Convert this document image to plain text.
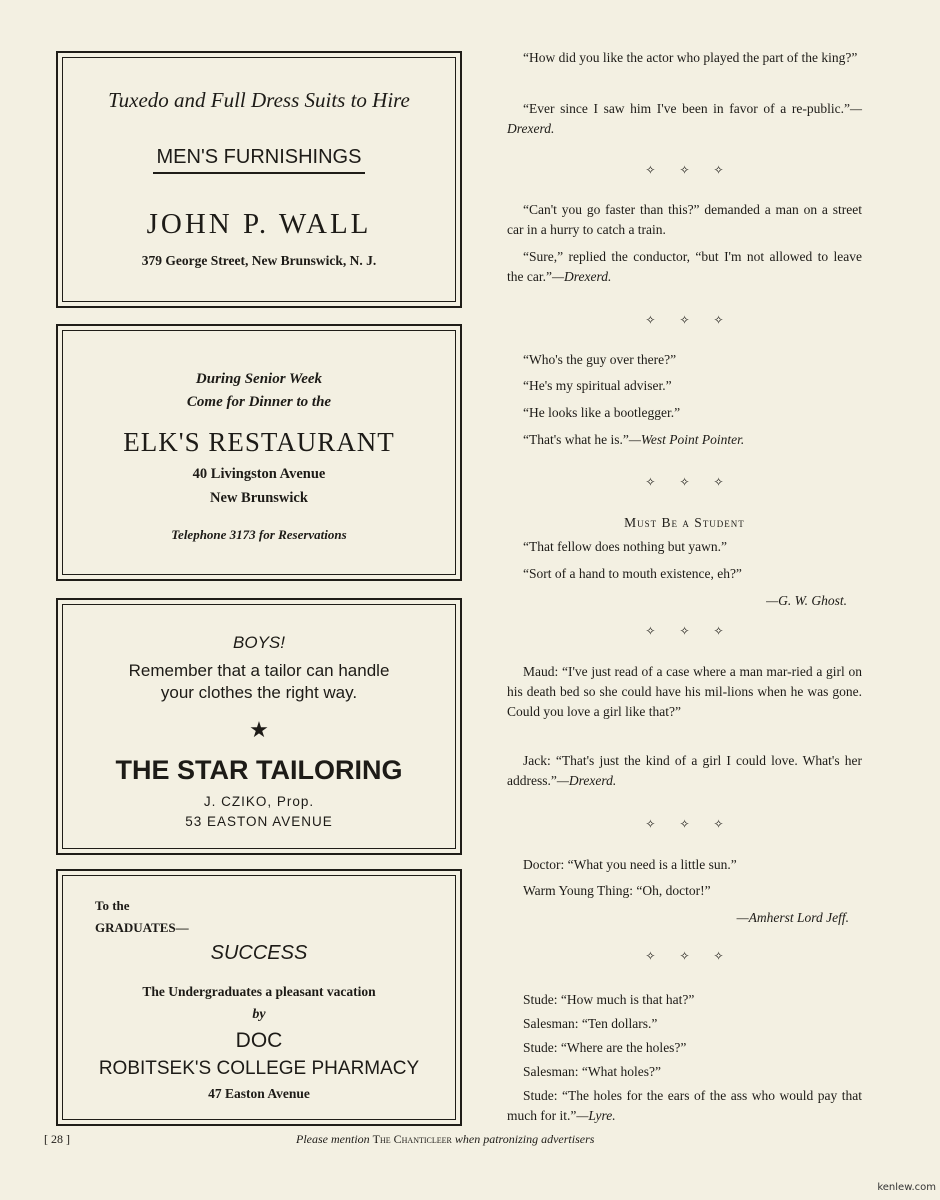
Tuxedo and Full Dress Suits to Hire
MEN'S FURNISHINGS
JOHN P. WALL
379 George Street, New Brunswick, N. J.
During Senior Week
Come for Dinner to the
ELK'S RESTAURANT
40 Livingston Avenue
New Brunswick
Telephone 3173 for Reservations
BOYS!
Remember that a tailor can handle
your clothes the right way.
★
THE STAR TAILORING
J. CZIKO, Prop.
53 EASTON AVENUE
To the
GRADUATES—
SUCCESS
The Undergraduates a pleasant vacation
by
DOC
ROBITSEK'S COLLEGE PHARMACY
47 Easton Avenue
“How did you like the actor who played the part of the king?”
“Ever since I saw him I've been in favor of a re-public.”—Drexerd.
✧✧✧
“Can't you go faster than this?” demanded a man on a street car in a hurry to catch a train.
“Sure,” replied the conductor, “but I'm not allowed to leave the car.”—Drexerd.
✧✧✧
“Who's the guy over there?”
“He's my spiritual adviser.”
“He looks like a bootlegger.”
“That's what he is.”—West Point Pointer.
✧✧✧
Must Be a Student
“That fellow does nothing but yawn.”
“Sort of a hand to mouth existence, eh?”
—G. W. Ghost.
✧✧✧
Maud: “I've just read of a case where a man mar-ried a girl on his death bed so she could have his mil-lions when he was gone. Could you love a girl like that?”
Jack: “That's just the kind of a girl I could love. What's her address.”—Drexerd.
✧✧✧
Doctor: “What you need is a little sun.”
Warm Young Thing: “Oh, doctor!”
—Amherst Lord Jeff.
✧✧✧
Stude: “How much is that hat?”
Salesman: “Ten dollars.”
Stude: “Where are the holes?”
Salesman: “What holes?”
Stude: “The holes for the ears of the ass who would pay that much for it.”—Lyre.
[ 28 ]	Please mention The Chanticleer when patronizing advertisers
kenlew.com
